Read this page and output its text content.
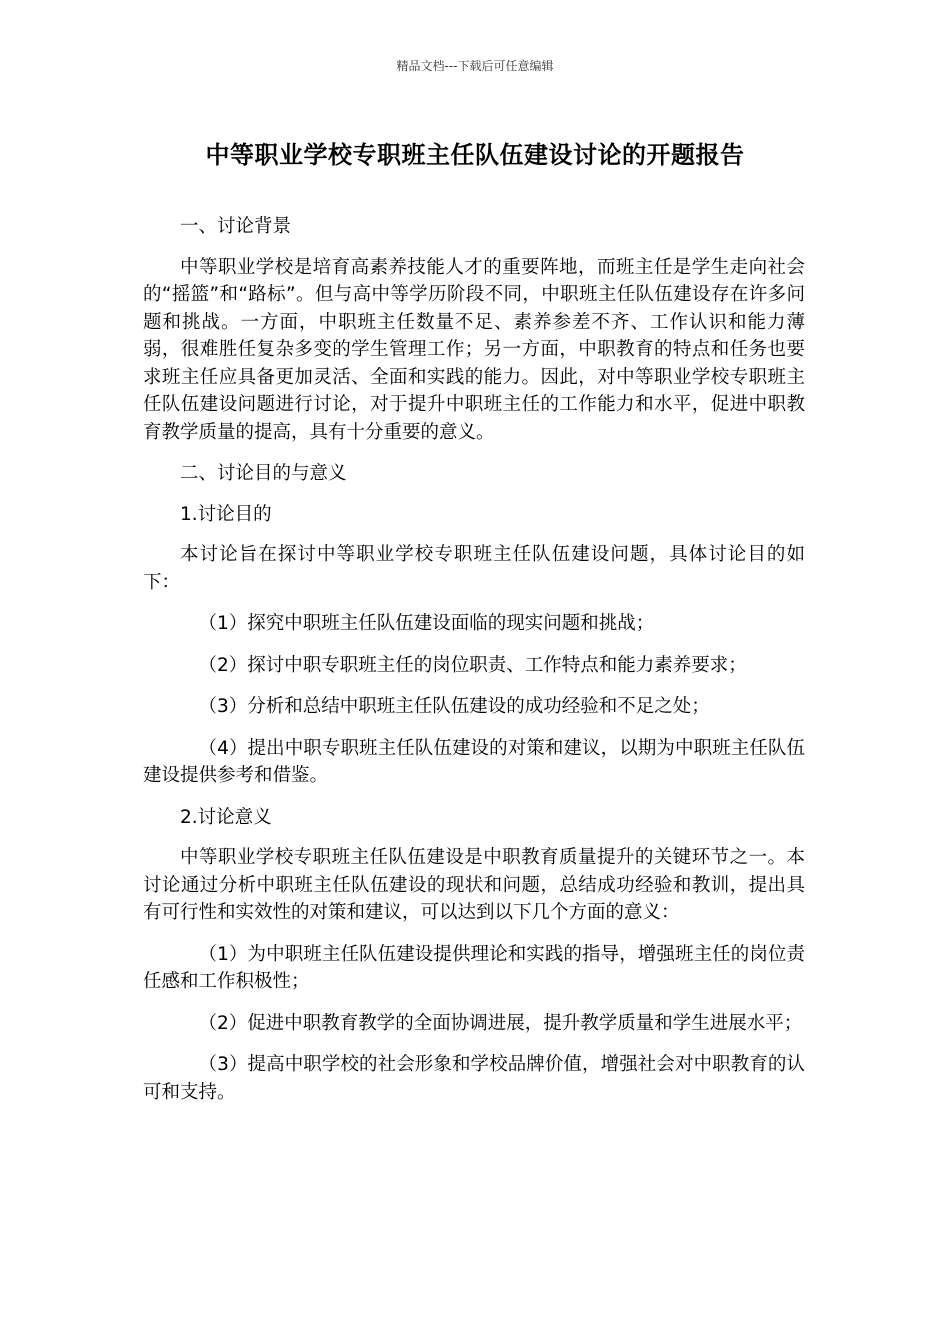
精品文档---下载后可任意编辑
中等职业学校专职班主任队伍建设讨论的开题报告

一、讨论背景

中等职业学校是培育高素养技能人才的重要阵地，而班主任是学生走向社会的“摇篮”和“路标”。但与高中等学历阶段不同，中职班主任队伍建设存在许多问题和挑战。一方面，中职班主任数量不足、素养参差不齐、工作认识和能力薄弱，很难胜任复杂多变的学生管理工作；另一方面，中职教育的特点和任务也要求班主任应具备更加灵活、全面和实践的能力。因此，对中等职业学校专职班主任队伍建设问题进行讨论，对于提升中职班主任的工作能力和水平，促进中职教育教学质量的提高，具有十分重要的意义。

二、讨论目的与意义

1.讨论目的

本讨论旨在探讨中等职业学校专职班主任队伍建设问题，具体讨论目的如下：

（1）探究中职班主任队伍建设面临的现实问题和挑战；

（2）探讨中职专职班主任的岗位职责、工作特点和能力素养要求；

（3）分析和总结中职班主任队伍建设的成功经验和不足之处；

（4）提出中职专职班主任队伍建设的对策和建议，以期为中职班主任队伍建设提供参考和借鉴。

2.讨论意义

中等职业学校专职班主任队伍建设是中职教育质量提升的关键环节之一。本讨论通过分析中职班主任队伍建设的现状和问题，总结成功经验和教训，提出具有可行性和实效性的对策和建议，可以达到以下几个方面的意义：

（1）为中职班主任队伍建设提供理论和实践的指导，增强班主任的岗位责任感和工作积极性；

（2）促进中职教育教学的全面协调进展，提升教学质量和学生进展水平；

（3）提高中职学校的社会形象和学校品牌价值，增强社会对中职教育的认可和支持。
